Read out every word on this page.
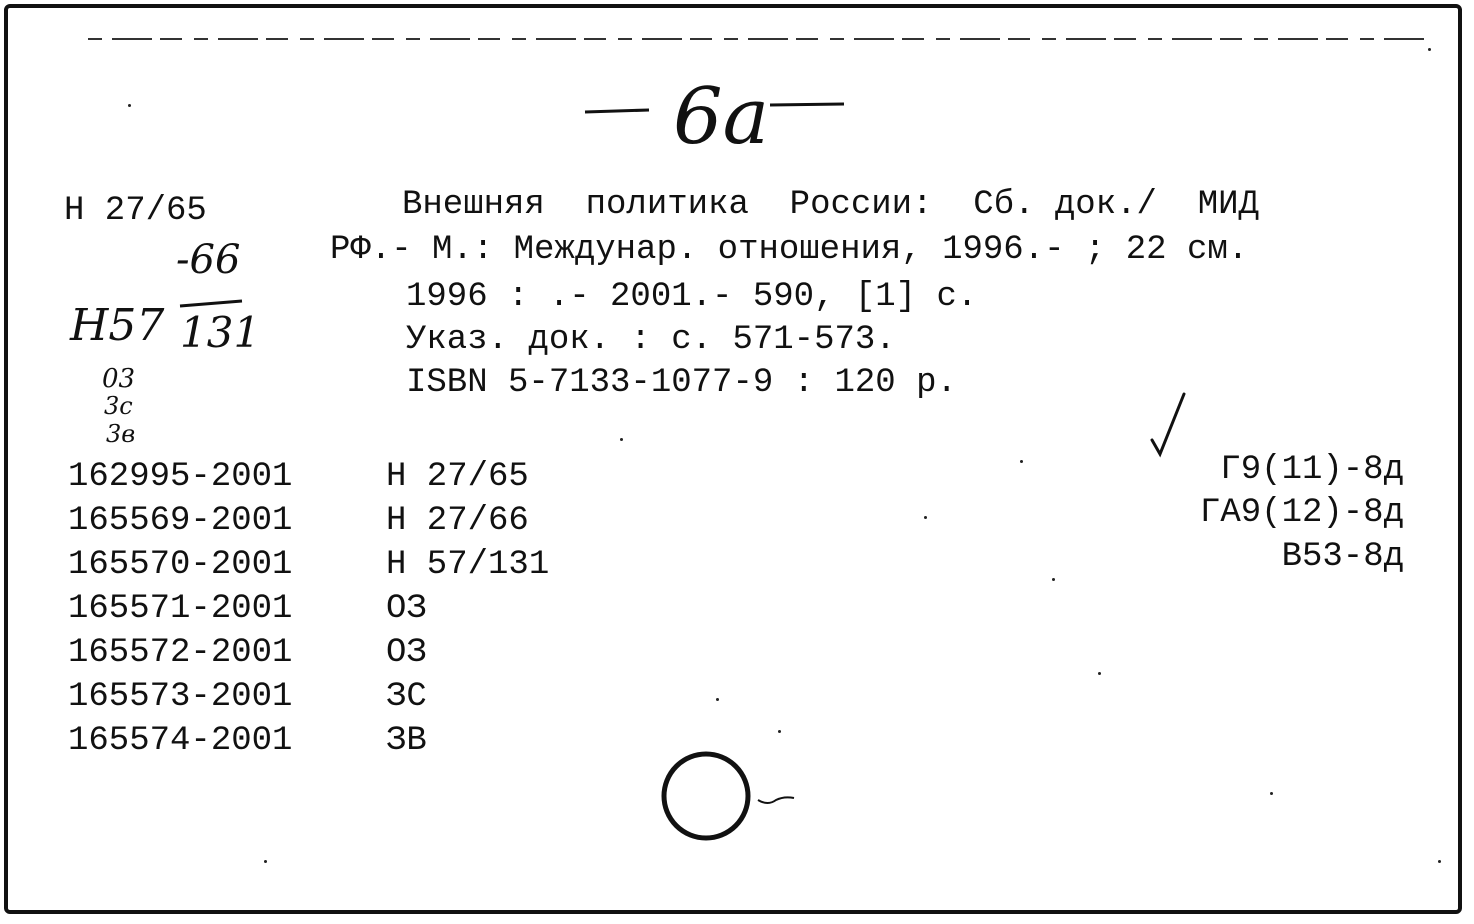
6а
Н 27/65
-66
H57 131
03
3c
3в
Внешняя  политика  России:  Сб. док./  МИД
РФ.- М.: Междунар. отношения, 1996.- ; 22 см.
1996 : .- 2001.- 590, [1] с.
Указ. док. : с. 571-573.
ISBN 5-7133-1077-9 : 120 р.

162995-2001

	Н 27/65

165569-2001

	Н 27/66

165570-2001

	Н 57/131

165571-2001

	ОЗ

165572-2001

	ОЗ

165573-2001

	ЗС

165574-2001

	ЗВ

Г9(11)-8д
ГА9(12)-8д
В53-8д
